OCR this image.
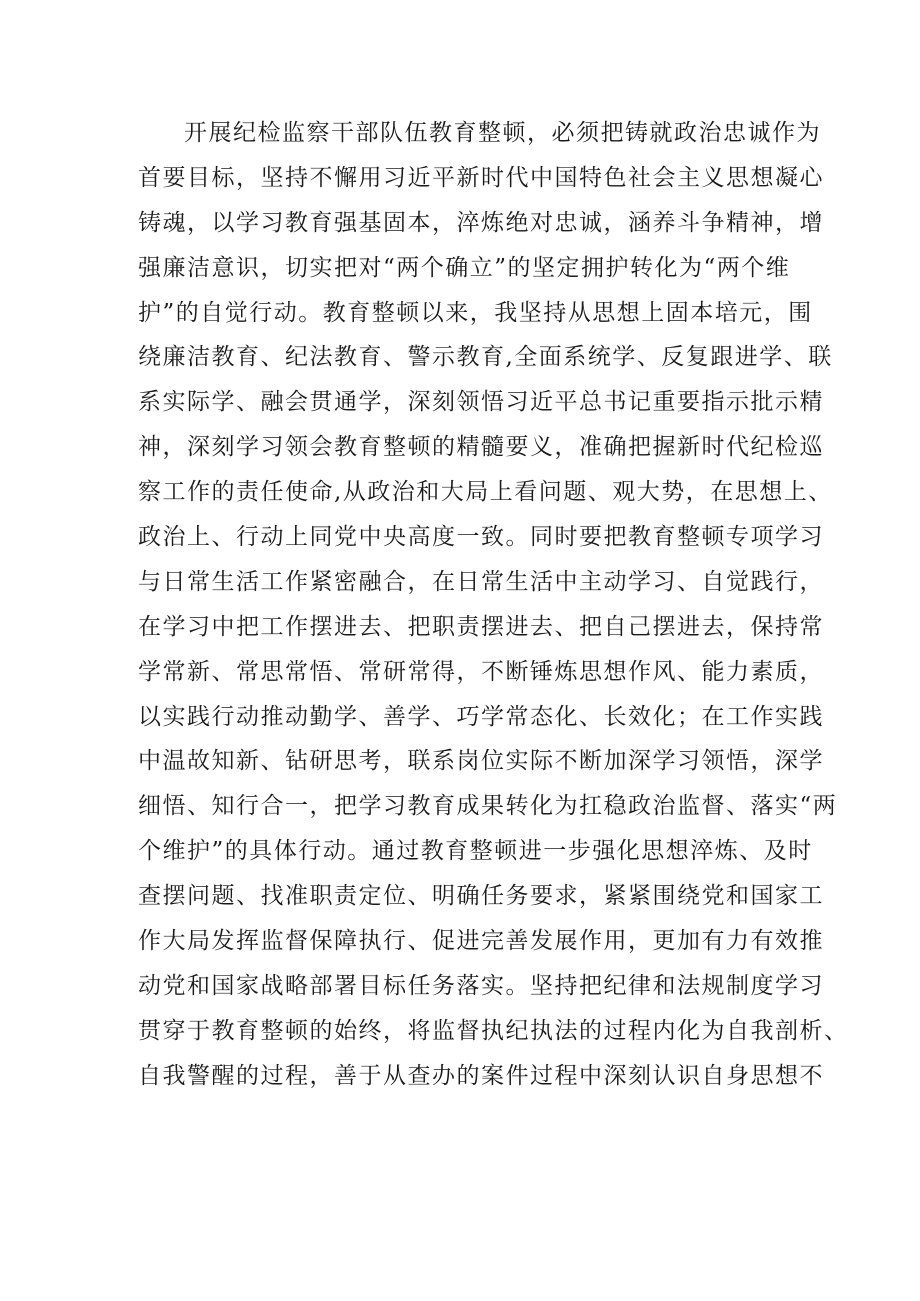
开展纪检监察干部队伍教育整顿，必须把铸就政治忠诚作为
首要目标，坚持不懈用习近平新时代中国特色社会主义思想凝心
铸魂，以学习教育强基固本，淬炼绝对忠诚，涵养斗争精神，增
强廉洁意识，切实把对“两个确立”的坚定拥护转化为“两个维
护”的自觉行动。教育整顿以来，我坚持从思想上固本培元，围
绕廉洁教育、纪法教育、警示教育,全面系统学、反复跟进学、联
系实际学、融会贯通学，深刻领悟习近平总书记重要指示批示精
神，深刻学习领会教育整顿的精髓要义，准确把握新时代纪检巡
察工作的责任使命,从政治和大局上看问题、观大势，在思想上、
政治上、行动上同党中央高度一致。同时要把教育整顿专项学习
与日常生活工作紧密融合，在日常生活中主动学习、自觉践行，
在学习中把工作摆进去、把职责摆进去、把自己摆进去，保持常
学常新、常思常悟、常研常得，不断锤炼思想作风、能力素质，
以实践行动推动勤学、善学、巧学常态化、长效化；在工作实践
中温故知新、钻研思考，联系岗位实际不断加深学习领悟，深学
细悟、知行合一，把学习教育成果转化为扛稳政治监督、落实“两
个维护”的具体行动。通过教育整顿进一步强化思想淬炼、及时
查摆问题、找准职责定位、明确任务要求，紧紧围绕党和国家工
作大局发挥监督保障执行、促进完善发展作用，更加有力有效推
动党和国家战略部署目标任务落实。坚持把纪律和法规制度学习
贯穿于教育整顿的始终，将监督执纪执法的过程内化为自我剖析、
自我警醒的过程，善于从查办的案件过程中深刻认识自身思想不
